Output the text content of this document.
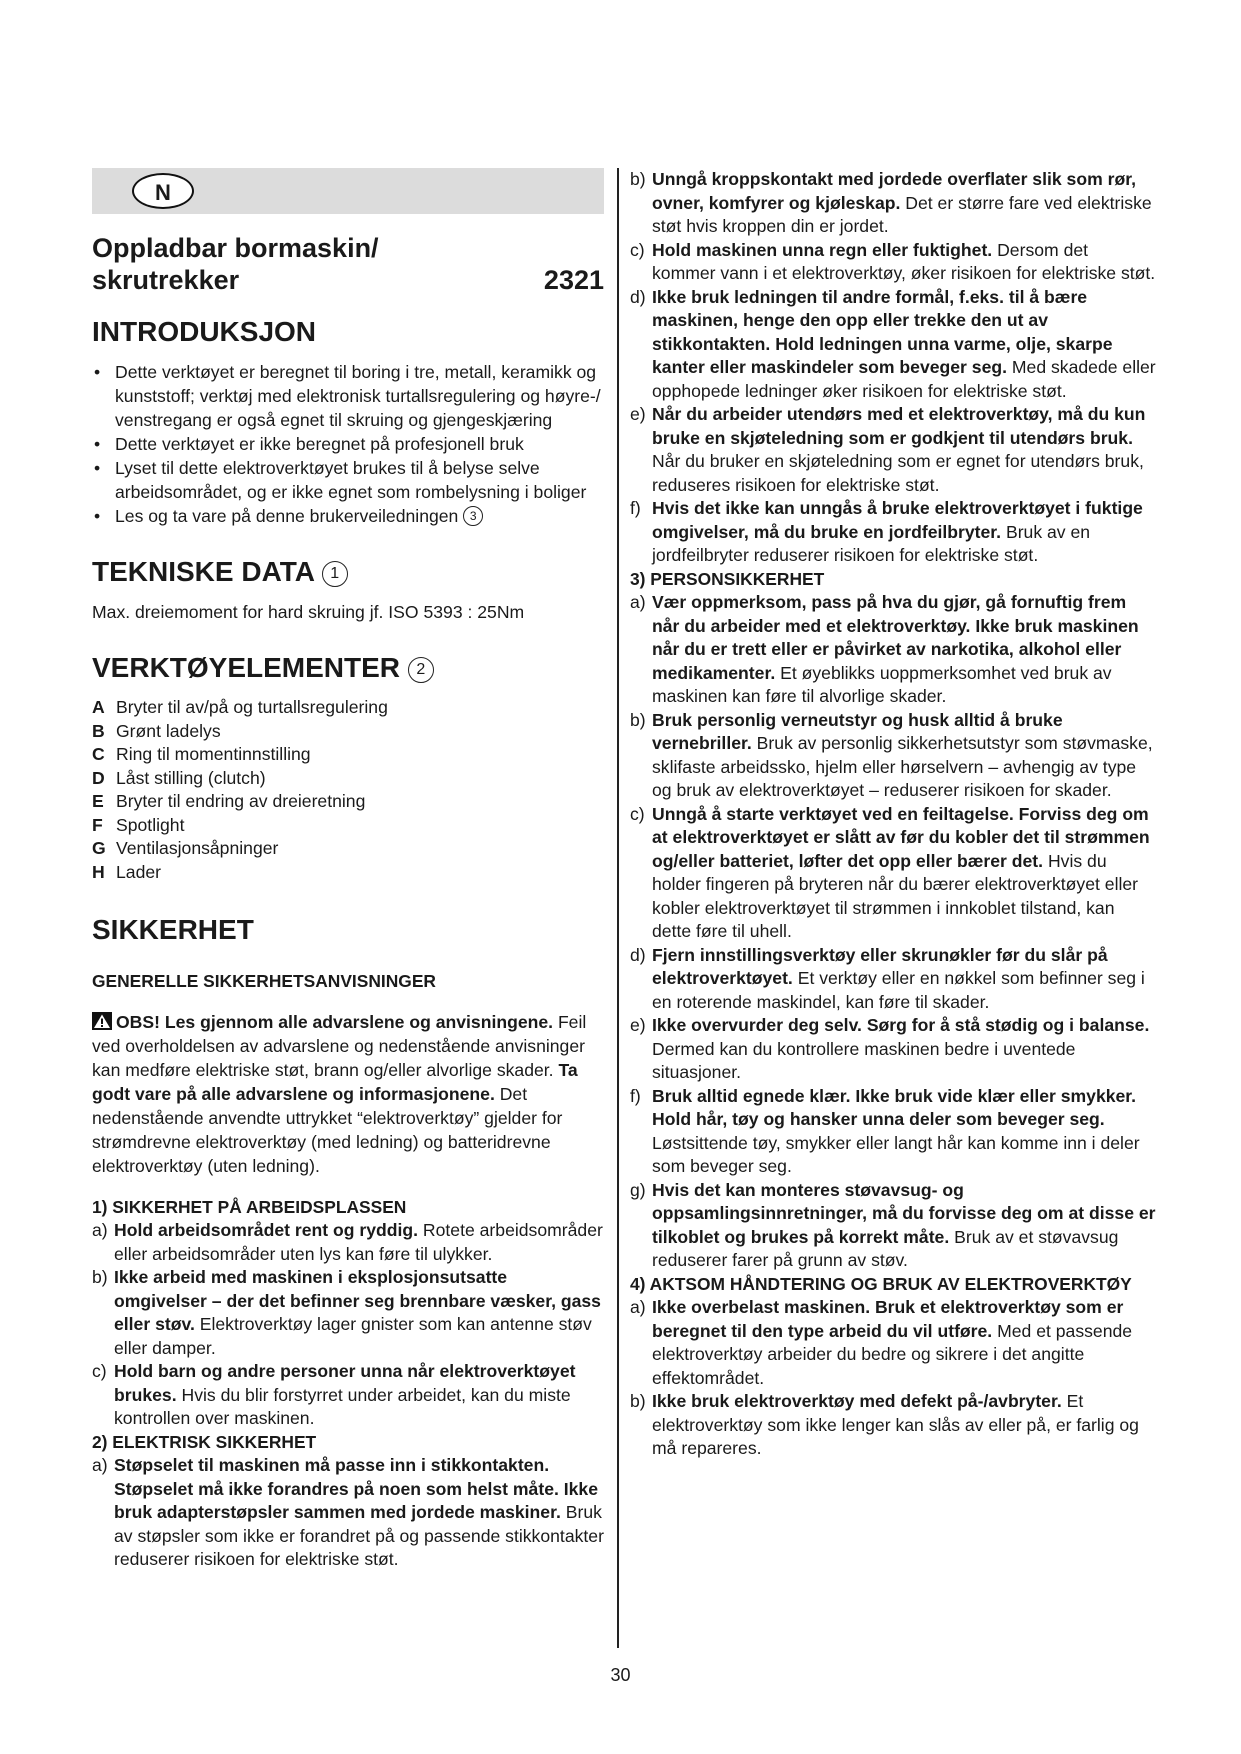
N
Oppladbar bormaskin/
skrutrekker	2321
INTRODUKSJON
• Dette verktøyet er beregnet til boring i tre, metall, keramikk og kunststoff; verktøj med elektronisk turtallsregulering og høyre-/ venstregang er også egnet til skruing og gjengeskjæring
• Dette verktøyet er ikke beregnet på profesjonell bruk
• Lyset til dette elektroverktøyet brukes til å belyse selve arbeidsområdet, og er ikke egnet som rombelysning i boliger
• Les og ta vare på denne brukerveiledningen 3
TEKNISKE DATA 1
Max. dreiemoment for hard skruing jf. ISO 5393 : 25Nm
VERKTØYELEMENTER 2
A Bryter til av/på og turtallsregulering
B Grønt ladelys
C Ring til momentinnstilling
D Låst stilling (clutch)
E Bryter til endring av dreieretning
F Spotlight
G Ventilasjonsåpninger
H Lader
SIKKERHET
GENERELLE SIKKERHETSANVISNINGER
OBS! Les gjennom alle advarslene og anvisningene. Feil ved overholdelsen av advarslene og nedenstående anvisninger kan medføre elektriske støt, brann og/eller alvorlige skader. Ta godt vare på alle advarslene og informasjonene. Det nedenstående anvendte uttrykket “elektroverktøy” gjelder for strømdrevne elektroverktøy (med ledning) og batteridrevne elektroverktøy (uten ledning).
1) SIKKERHET PÅ ARBEIDSPLASSEN
a) Hold arbeidsområdet rent og ryddig. Rotete arbeidsområder eller arbeidsområder uten lys kan føre til ulykker.
b) Ikke arbeid med maskinen i eksplosjonsutsatte omgivelser – der det befinner seg brennbare væsker, gass eller støv. Elektroverktøy lager gnister som kan antenne støv eller damper.
c) Hold barn og andre personer unna når elektroverktøyet brukes. Hvis du blir forstyrret under arbeidet, kan du miste kontrollen over maskinen.
2) ELEKTRISK SIKKERHET
a) Støpselet til maskinen må passe inn i stikkontakten. Støpselet må ikke forandres på noen som helst måte. Ikke bruk adapterstøpsler sammen med jordede maskiner. Bruk av støpsler som ikke er forandret på og passende stikkontakter reduserer risikoen for elektriske støt.
b) Unngå kroppskontakt med jordede overflater slik som rør, ovner, komfyrer og kjøleskap. Det er større fare ved elektriske støt hvis kroppen din er jordet.
c) Hold maskinen unna regn eller fuktighet. Dersom det kommer vann i et elektroverktøy, øker risikoen for elektriske støt.
d) Ikke bruk ledningen til andre formål, f.eks. til å bære maskinen, henge den opp eller trekke den ut av stikkontakten. Hold ledningen unna varme, olje, skarpe kanter eller maskindeler som beveger seg. Med skadede eller opphopede ledninger øker risikoen for elektriske støt.
e) Når du arbeider utendørs med et elektroverktøy, må du kun bruke en skjøteledning som er godkjent til utendørs bruk. Når du bruker en skjøteledning som er egnet for utendørs bruk, reduseres risikoen for elektriske støt.
f) Hvis det ikke kan unngås å bruke elektroverktøyet i fuktige omgivelser, må du bruke en jordfeilbryter. Bruk av en jordfeilbryter reduserer risikoen for elektriske støt.
3) PERSONSIKKERHET
a) Vær oppmerksom, pass på hva du gjør, gå fornuftig frem når du arbeider med et elektroverktøy. Ikke bruk maskinen når du er trett eller er påvirket av narkotika, alkohol eller medikamenter. Et øyeblikks uoppmerksomhet ved bruk av maskinen kan føre til alvorlige skader.
b) Bruk personlig verneutstyr og husk alltid å bruke vernebriller. Bruk av personlig sikkerhetsutstyr som støvmaske, sklifaste arbeidssko, hjelm eller hørselvern – avhengig av type og bruk av elektroverktøyet – reduserer risikoen for skader.
c) Unngå å starte verktøyet ved en feiltagelse. Forviss deg om at elektroverktøyet er slått av før du kobler det til strømmen og/eller batteriet, løfter det opp eller bærer det. Hvis du holder fingeren på bryteren når du bærer elektroverktøyet eller kobler elektroverktøyet til strømmen i innkoblet tilstand, kan dette føre til uhell.
d) Fjern innstillingsverktøy eller skrunøkler før du slår på elektroverktøyet. Et verktøy eller en nøkkel som befinner seg i en roterende maskindel, kan føre til skader.
e) Ikke overvurder deg selv. Sørg for å stå stødig og i balanse. Dermed kan du kontrollere maskinen bedre i uventede situasjoner.
f) Bruk alltid egnede klær. Ikke bruk vide klær eller smykker. Hold hår, tøy og hansker unna deler som beveger seg. Løstsittende tøy, smykker eller langt hår kan komme inn i deler som beveger seg.
g) Hvis det kan monteres støvavsug- og oppsamlingsinnretninger, må du forvisse deg om at disse er tilkoblet og brukes på korrekt måte. Bruk av et støvavsug reduserer farer på grunn av støv.
4) AKTSOM HÅNDTERING OG BRUK AV ELEKTROVERKTØY
a) Ikke overbelast maskinen. Bruk et elektroverktøy som er beregnet til den type arbeid du vil utføre. Med et passende elektroverktøy arbeider du bedre og sikrere i det angitte effektområdet.
b) Ikke bruk elektroverktøy med defekt på-/avbryter. Et elektroverktøy som ikke lenger kan slås av eller på, er farlig og må repareres.
30
